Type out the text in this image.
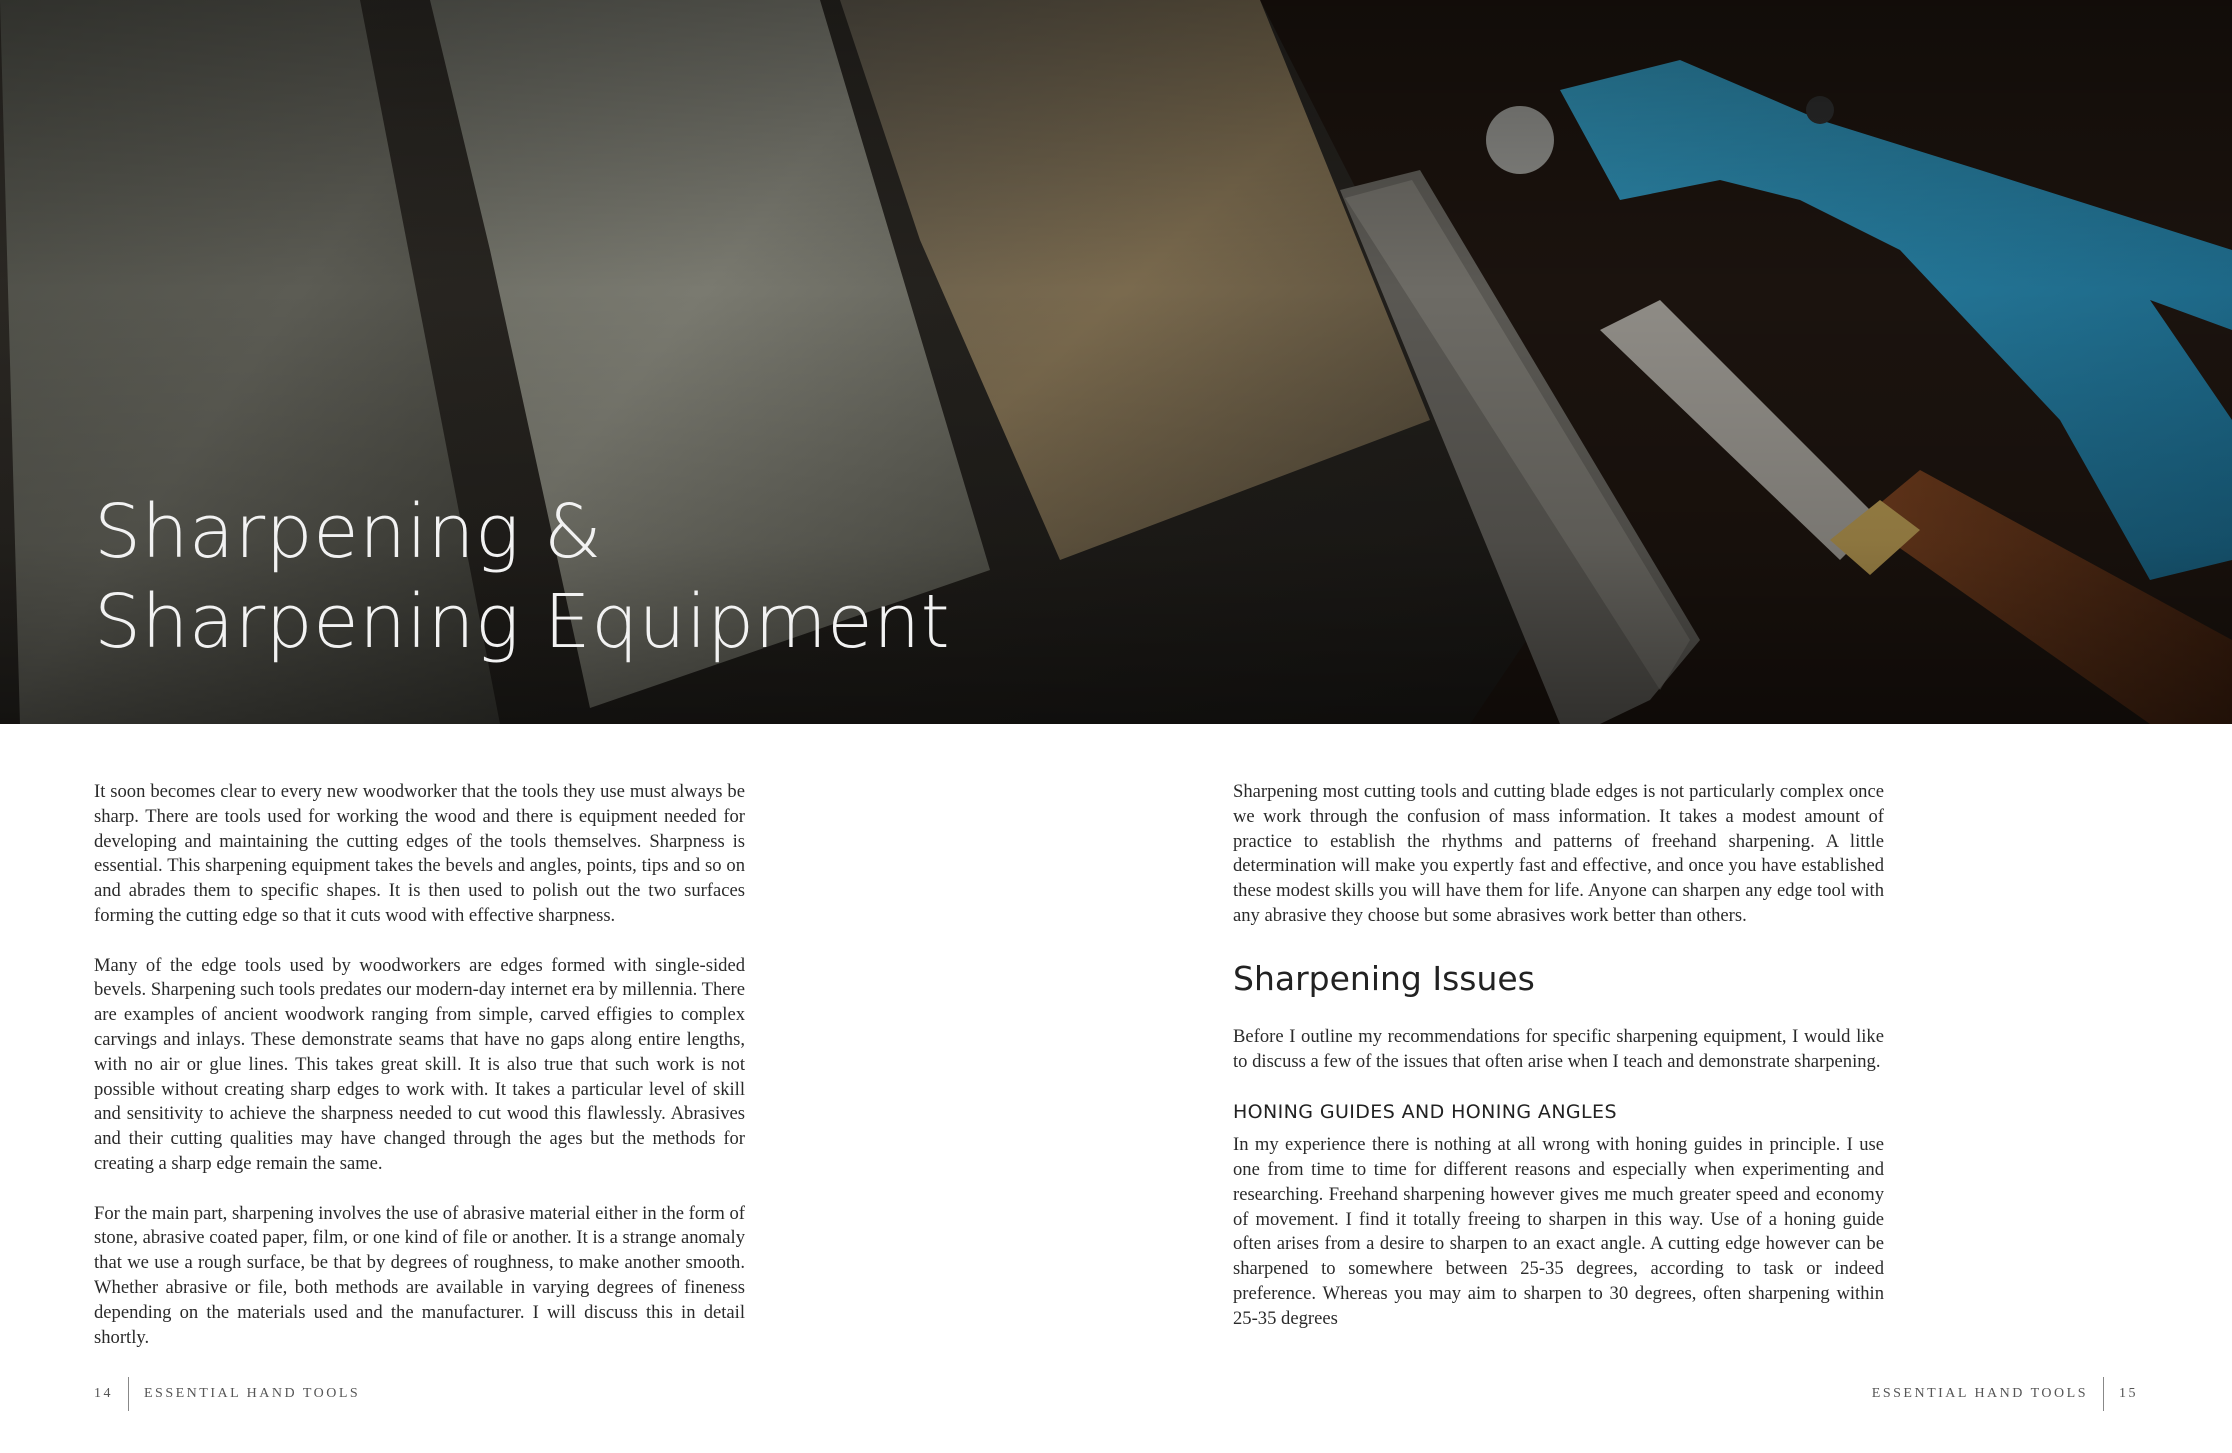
Sharpening &
Sharpening Equipment

It soon becomes clear to every new woodworker that the tools they use must always be sharp. There are tools used for working the wood and there is equipment needed for developing and maintaining the cutting edges of the tools themselves. Sharpness is essential. This sharpening equipment takes the bevels and angles, points, tips and so on and abrades them to specific shapes. It is then used to polish out the two surfaces forming the cutting edge so that it cuts wood with effective sharpness.

Many of the edge tools used by woodworkers are edges formed with single-sided bevels. Sharpening such tools predates our modern-day internet era by millennia. There are examples of ancient woodwork ranging from simple, carved effigies to complex carvings and inlays. These demonstrate seams that have no gaps along entire lengths, with no air or glue lines. This takes great skill. It is also true that such work is not possible without creating sharp edges to work with. It takes a particular level of skill and sensitivity to achieve the sharpness needed to cut wood this flawlessly. Abrasives and their cutting qualities may have changed through the ages but the methods for creating a sharp edge remain the same.

For the main part, sharpening involves the use of abrasive material either in the form of stone, abrasive coated paper, film, or one kind of file or another. It is a strange anomaly that we use a rough surface, be that by degrees of roughness, to make another smooth. Whether abrasive or file, both methods are available in varying degrees of fineness depending on the materials used and the manufacturer. I will discuss this in detail shortly.

Sharpening most cutting tools and cutting blade edges is not particularly complex once we work through the confusion of mass information. It takes a modest amount of practice to establish the rhythms and patterns of freehand sharpening. A little determination will make you expertly fast and effective, and once you have established these modest skills you will have them for life. Anyone can sharpen any edge tool with any abrasive they choose but some abrasives work better than others.

Sharpening Issues

Before I outline my recommendations for specific sharpening equipment, I would like to discuss a few of the issues that often arise when I teach and demonstrate sharpening.

HONING GUIDES AND HONING ANGLES

In my experience there is nothing at all wrong with honing guides in principle. I use one from time to time for different reasons and especially when experimenting and researching. Freehand sharpening however gives me much greater speed and economy of movement. I find it totally freeing to sharpen in this way. Use of a honing guide often arises from a desire to sharpen to an exact angle. A cutting edge however can be sharpened to somewhere between 25-35 degrees, according to task or indeed preference. Whereas you may aim to sharpen to 30 degrees, often sharpening within 25-35 degrees

14 ESSENTIAL HAND TOOLS	ESSENTIAL HAND TOOLS 15
